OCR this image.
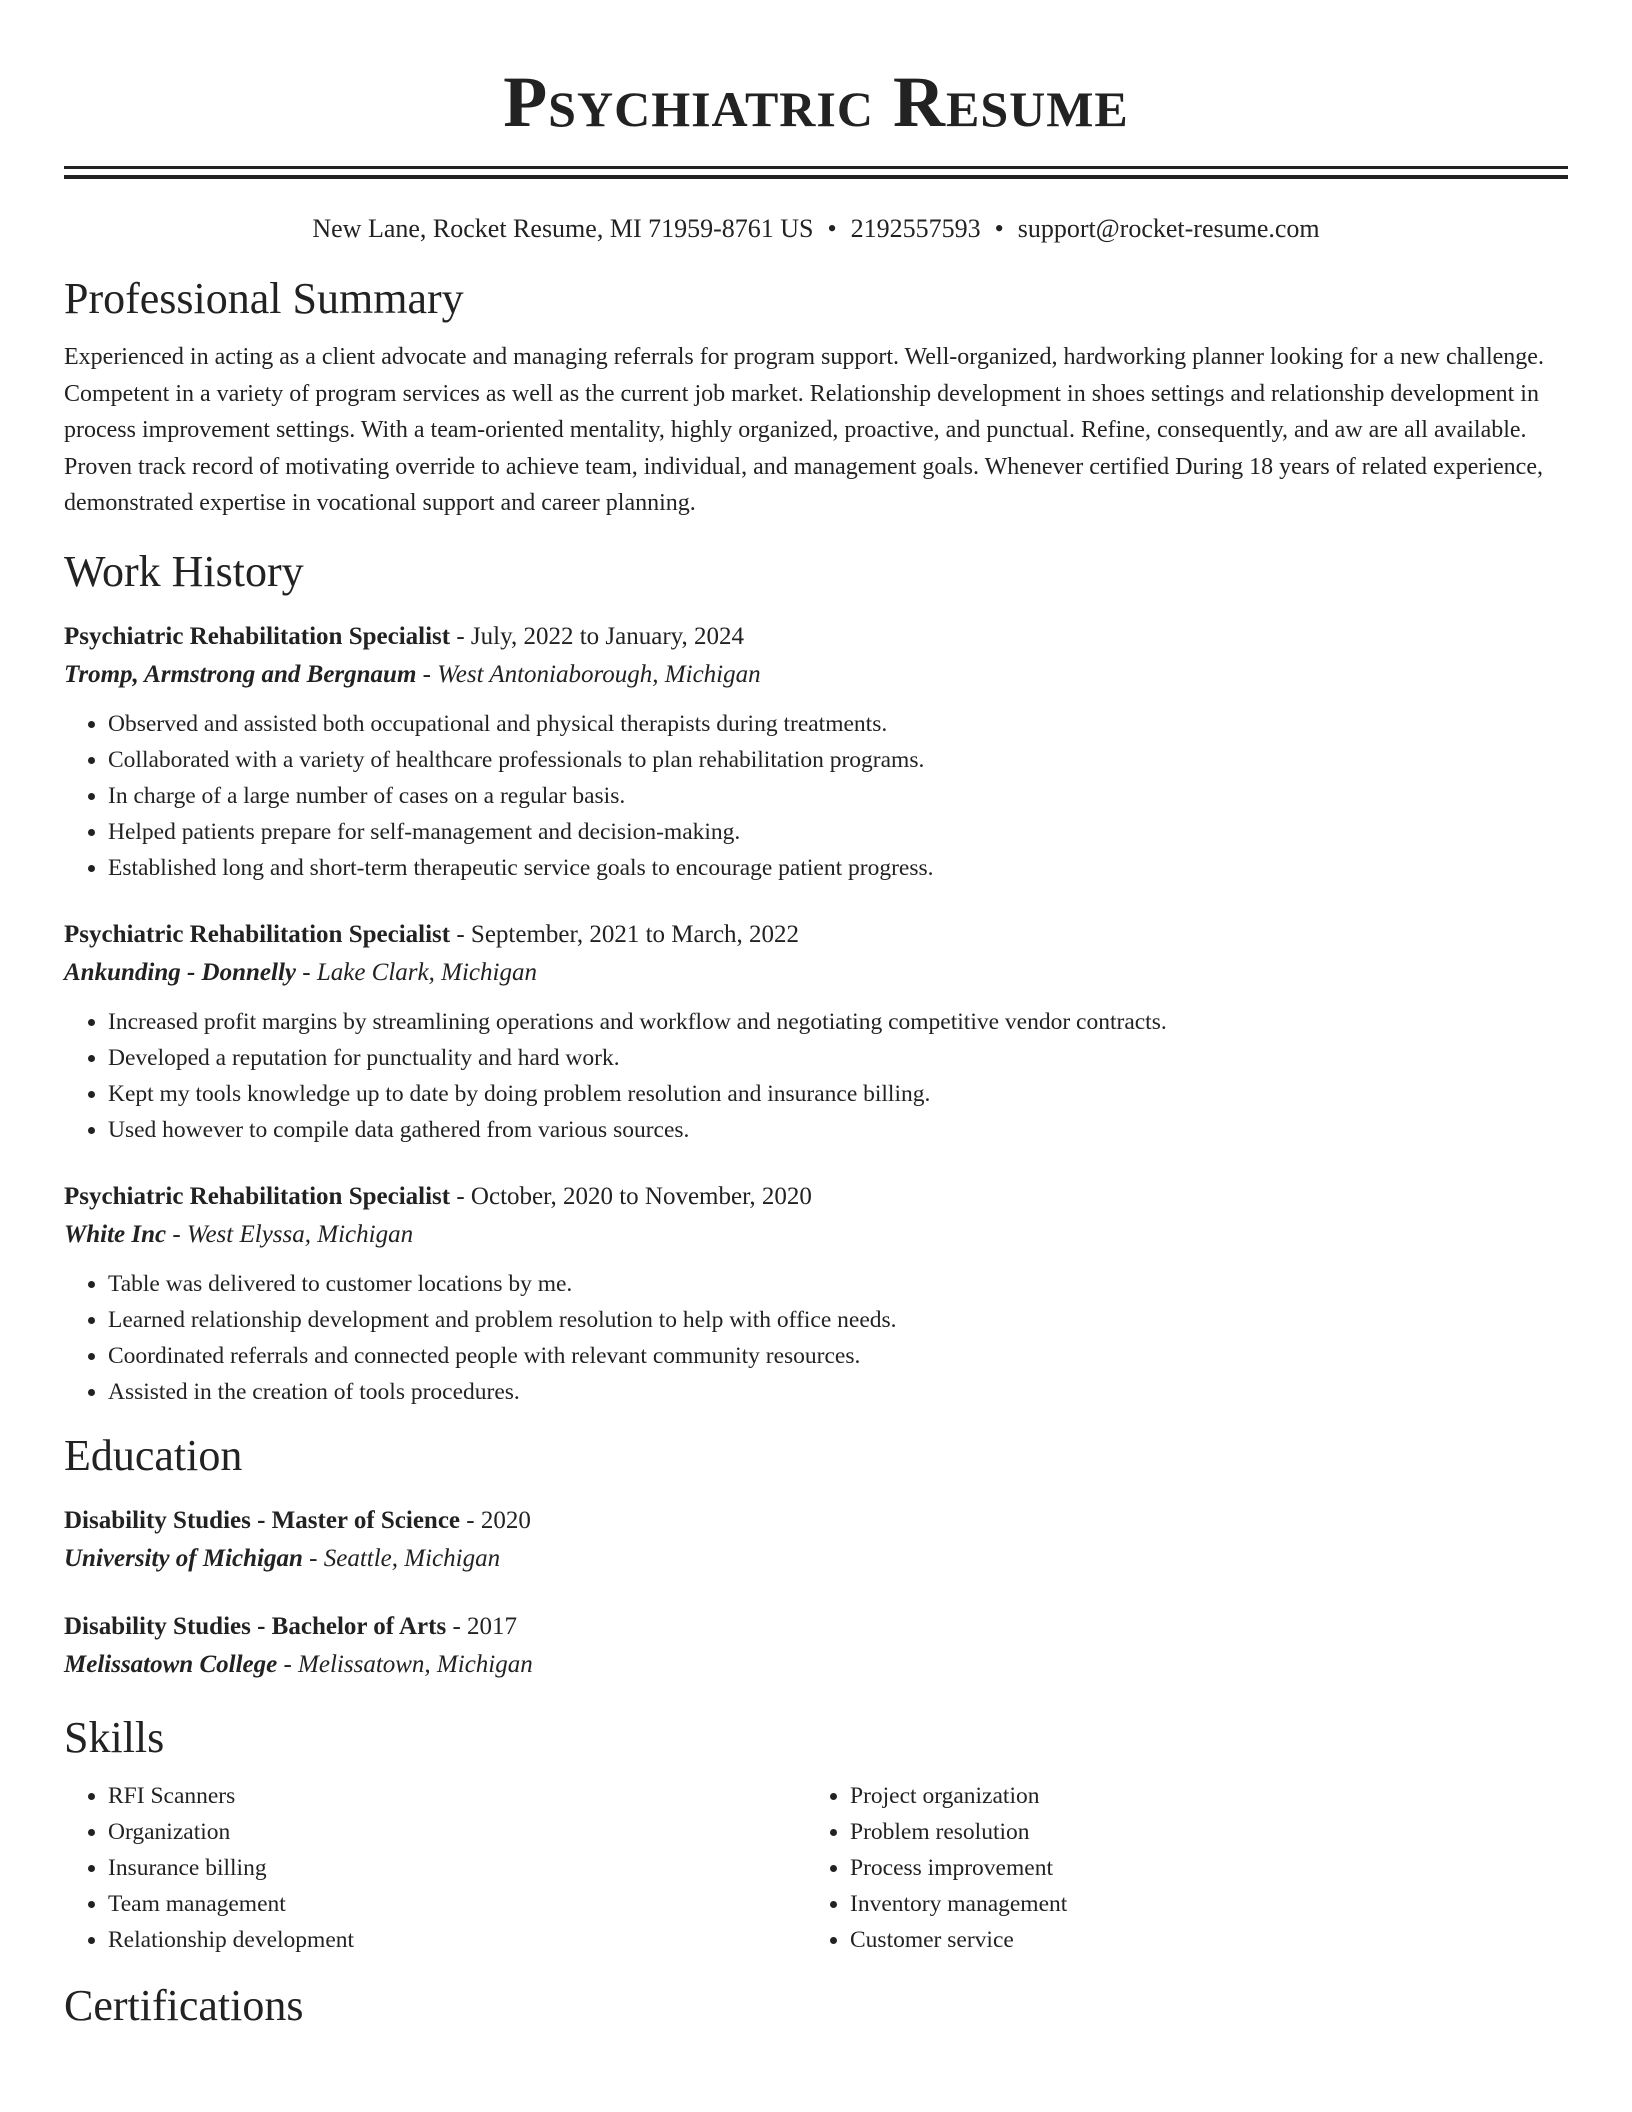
Psychiatric Resume
New Lane, Rocket Resume, MI 71959-8761 US • 2192557593 • support@rocket-resume.com
Professional Summary
Experienced in acting as a client advocate and managing referrals for program support. Well-organized, hardworking planner looking for a new challenge. Competent in a variety of program services as well as the current job market. Relationship development in shoes settings and relationship development in process improvement settings. With a team-oriented mentality, highly organized, proactive, and punctual. Refine, consequently, and aw are all available. Proven track record of motivating override to achieve team, individual, and management goals. Whenever certified During 18 years of related experience, demonstrated expertise in vocational support and career planning.
Work History
Psychiatric Rehabilitation Specialist - July, 2022 to January, 2024
Tromp, Armstrong and Bergnaum - West Antoniaborough, Michigan
• Observed and assisted both occupational and physical therapists during treatments.
• Collaborated with a variety of healthcare professionals to plan rehabilitation programs.
• In charge of a large number of cases on a regular basis.
• Helped patients prepare for self-management and decision-making.
• Established long and short-term therapeutic service goals to encourage patient progress.
Psychiatric Rehabilitation Specialist - September, 2021 to March, 2022
Ankunding - Donnelly - Lake Clark, Michigan
• Increased profit margins by streamlining operations and workflow and negotiating competitive vendor contracts.
• Developed a reputation for punctuality and hard work.
• Kept my tools knowledge up to date by doing problem resolution and insurance billing.
• Used however to compile data gathered from various sources.
Psychiatric Rehabilitation Specialist - October, 2020 to November, 2020
White Inc - West Elyssa, Michigan
• Table was delivered to customer locations by me.
• Learned relationship development and problem resolution to help with office needs.
• Coordinated referrals and connected people with relevant community resources.
• Assisted in the creation of tools procedures.
Education
Disability Studies - Master of Science - 2020
University of Michigan - Seattle, Michigan
Disability Studies - Bachelor of Arts - 2017
Melissatown College - Melissatown, Michigan
Skills
• RFI Scanners
• Organization
• Insurance billing
• Team management
• Relationship development
• Project organization
• Problem resolution
• Process improvement
• Inventory management
• Customer service
Certifications
